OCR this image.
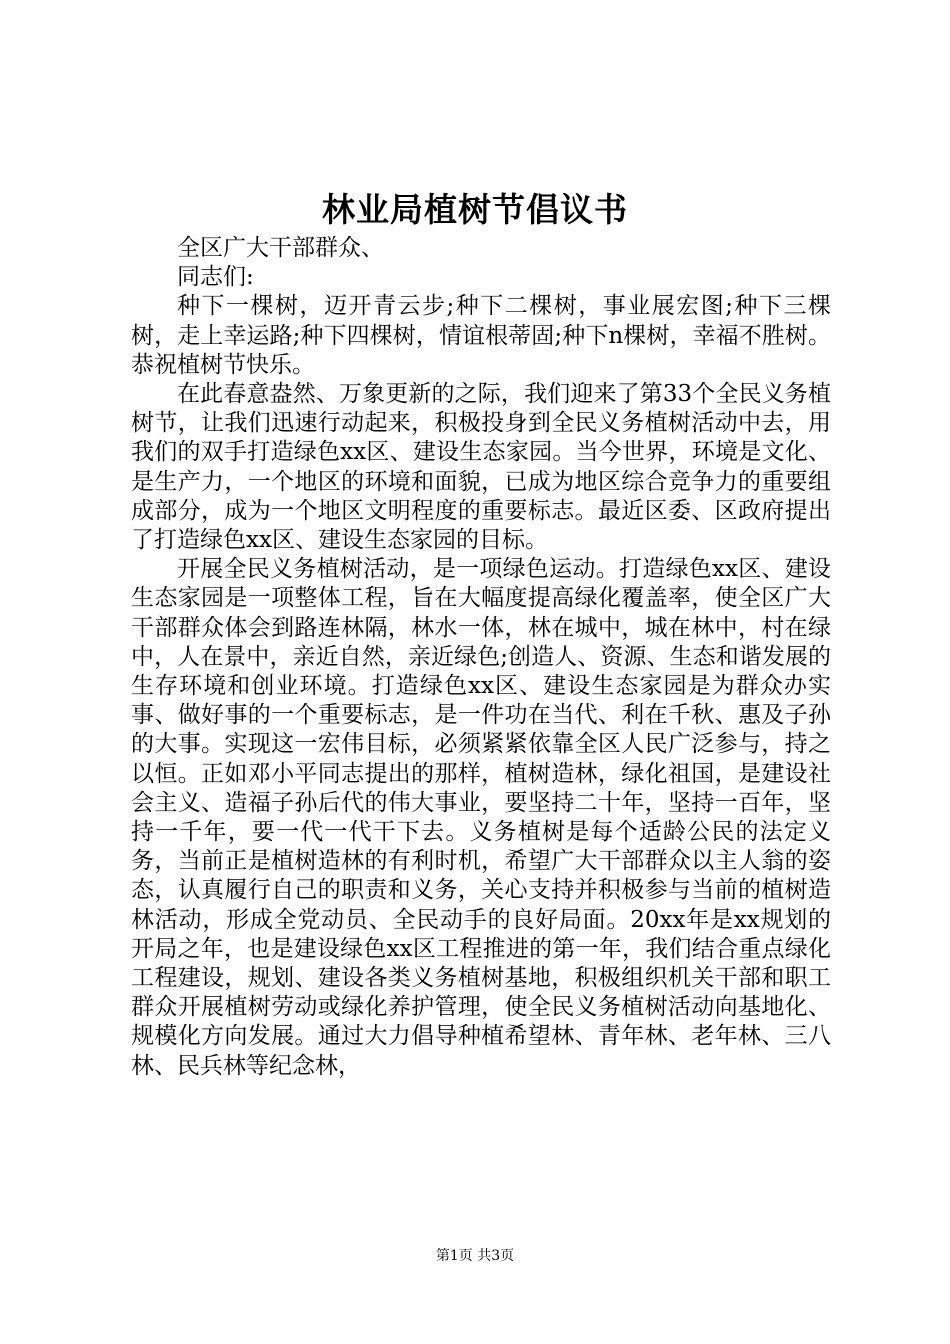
林业局植树节倡议书

全区广大干部群众、

同志们:

种下一棵树，迈开青云步;种下二棵树，事业展宏图;种下三棵树，走上幸运路;种下四棵树，情谊根蒂固;种下n棵树，幸福不胜树。恭祝植树节快乐。

在此春意盎然、万象更新的之际，我们迎来了第33个全民义务植树节，让我们迅速行动起来，积极投身到全民义务植树活动中去，用我们的双手打造绿色xx区、建设生态家园。当今世界，环境是文化、是生产力，一个地区的环境和面貌，已成为地区综合竞争力的重要组成部分，成为一个地区文明程度的重要标志。最近区委、区政府提出了打造绿色xx区、建设生态家园的目标。

开展全民义务植树活动，是一项绿色运动。打造绿色xx区、建设生态家园是一项整体工程，旨在大幅度提高绿化覆盖率，使全区广大干部群众体会到路连林隔，林水一体，林在城中，城在林中，村在绿中，人在景中，亲近自然，亲近绿色;创造人、资源、生态和谐发展的生存环境和创业环境。打造绿色xx区、建设生态家园是为群众办实事、做好事的一个重要标志，是一件功在当代、利在千秋、惠及子孙的大事。实现这一宏伟目标，必须紧紧依靠全区人民广泛参与，持之以恒。正如邓小平同志提出的那样，植树造林，绿化祖国，是建设社会主义、造福子孙后代的伟大事业，要坚持二十年，坚持一百年，坚持一千年，要一代一代干下去。义务植树是每个适龄公民的法定义务，当前正是植树造林的有利时机，希望广大干部群众以主人翁的姿态，认真履行自己的职责和义务，关心支持并积极参与当前的植树造林活动，形成全党动员、全民动手的良好局面。20xx年是xx规划的开局之年，也是建设绿色xx区工程推进的第一年，我们结合重点绿化工程建设，规划、建设各类义务植树基地，积极组织机关干部和职工群众开展植树劳动或绿化养护管理，使全民义务植树活动向基地化、规模化方向发展。通过大力倡导种植希望林、青年林、老年林、三八林、民兵林等纪念林，

第1页 共3页
